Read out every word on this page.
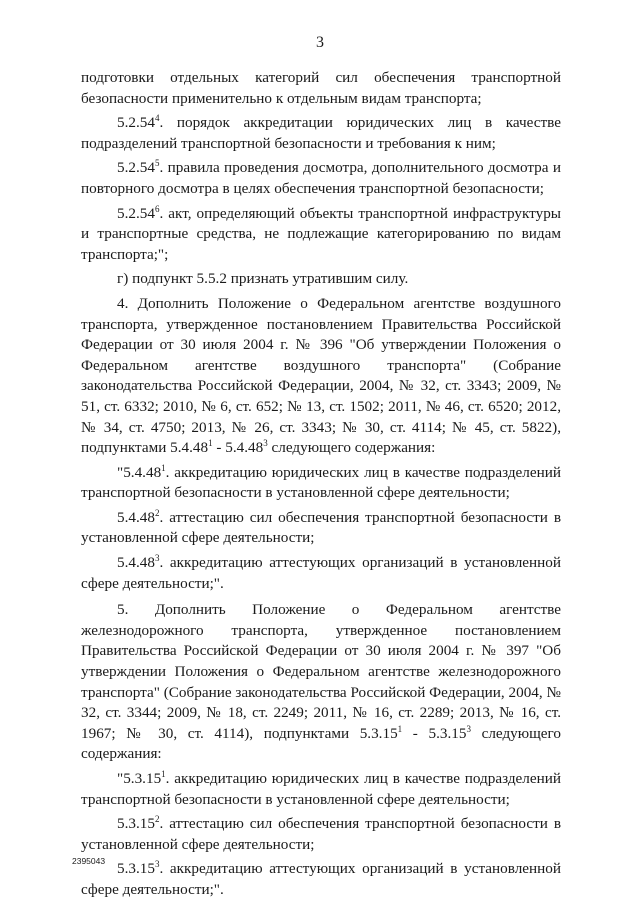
3

подготовки отдельных категорий сил обеспечения транспортной безопасности применительно к отдельным видам транспорта;

5.2.54$^4$. порядок аккредитации юридических лиц в качестве подразделений транспортной безопасности и требования к ним;

5.2.54$^5$. правила проведения досмотра, дополнительного досмотра и повторного досмотра в целях обеспечения транспортной безопасности;

5.2.54$^6$. акт, определяющий объекты транспортной инфраструктуры и транспортные средства, не подлежащие категорированию по видам транспорта;";

г) подпункт 5.5.2 признать утратившим силу.

4. Дополнить Положение о Федеральном агентстве воздушного транспорта, утвержденное постановлением Правительства Российской Федерации от 30 июля 2004 г. № 396 "Об утверждении Положения о Федеральном агентстве воздушного транспорта" (Собрание законодательства Российской Федерации, 2004, № 32, ст. 3343; 2009, № 51, ст. 6332; 2010, № 6, ст. 652; № 13, ст. 1502; 2011, № 46, ст. 6520; 2012, № 34, ст. 4750; 2013, № 26, ст. 3343; № 30, ст. 4114; № 45, ст. 5822), подпунктами 5.4.48$^1$ - 5.4.48$^3$ следующего содержания:

"5.4.48$^1$. аккредитацию юридических лиц в качестве подразделений транспортной безопасности в установленной сфере деятельности;

5.4.48$^2$. аттестацию сил обеспечения транспортной безопасности в установленной сфере деятельности;

5.4.48$^3$. аккредитацию аттестующих организаций в установленной сфере деятельности;".

5. Дополнить Положение о Федеральном агентстве железнодорожного транспорта, утвержденное постановлением Правительства Российской Федерации от 30 июля 2004 г. № 397 "Об утверждении Положения о Федеральном агентстве железнодорожного транспорта" (Собрание законодательства Российской Федерации, 2004, № 32, ст. 3344; 2009, № 18, ст. 2249; 2011, № 16, ст. 2289; 2013, № 16, ст. 1967; № 30, ст. 4114), подпунктами 5.3.15$^1$ - 5.3.15$^3$ следующего содержания:

"5.3.15$^1$. аккредитацию юридических лиц в качестве подразделений транспортной безопасности в установленной сфере деятельности;

5.3.15$^2$. аттестацию сил обеспечения транспортной безопасности в установленной сфере деятельности;

5.3.15$^3$. аккредитацию аттестующих организаций в установленной сфере деятельности;".

2395043
